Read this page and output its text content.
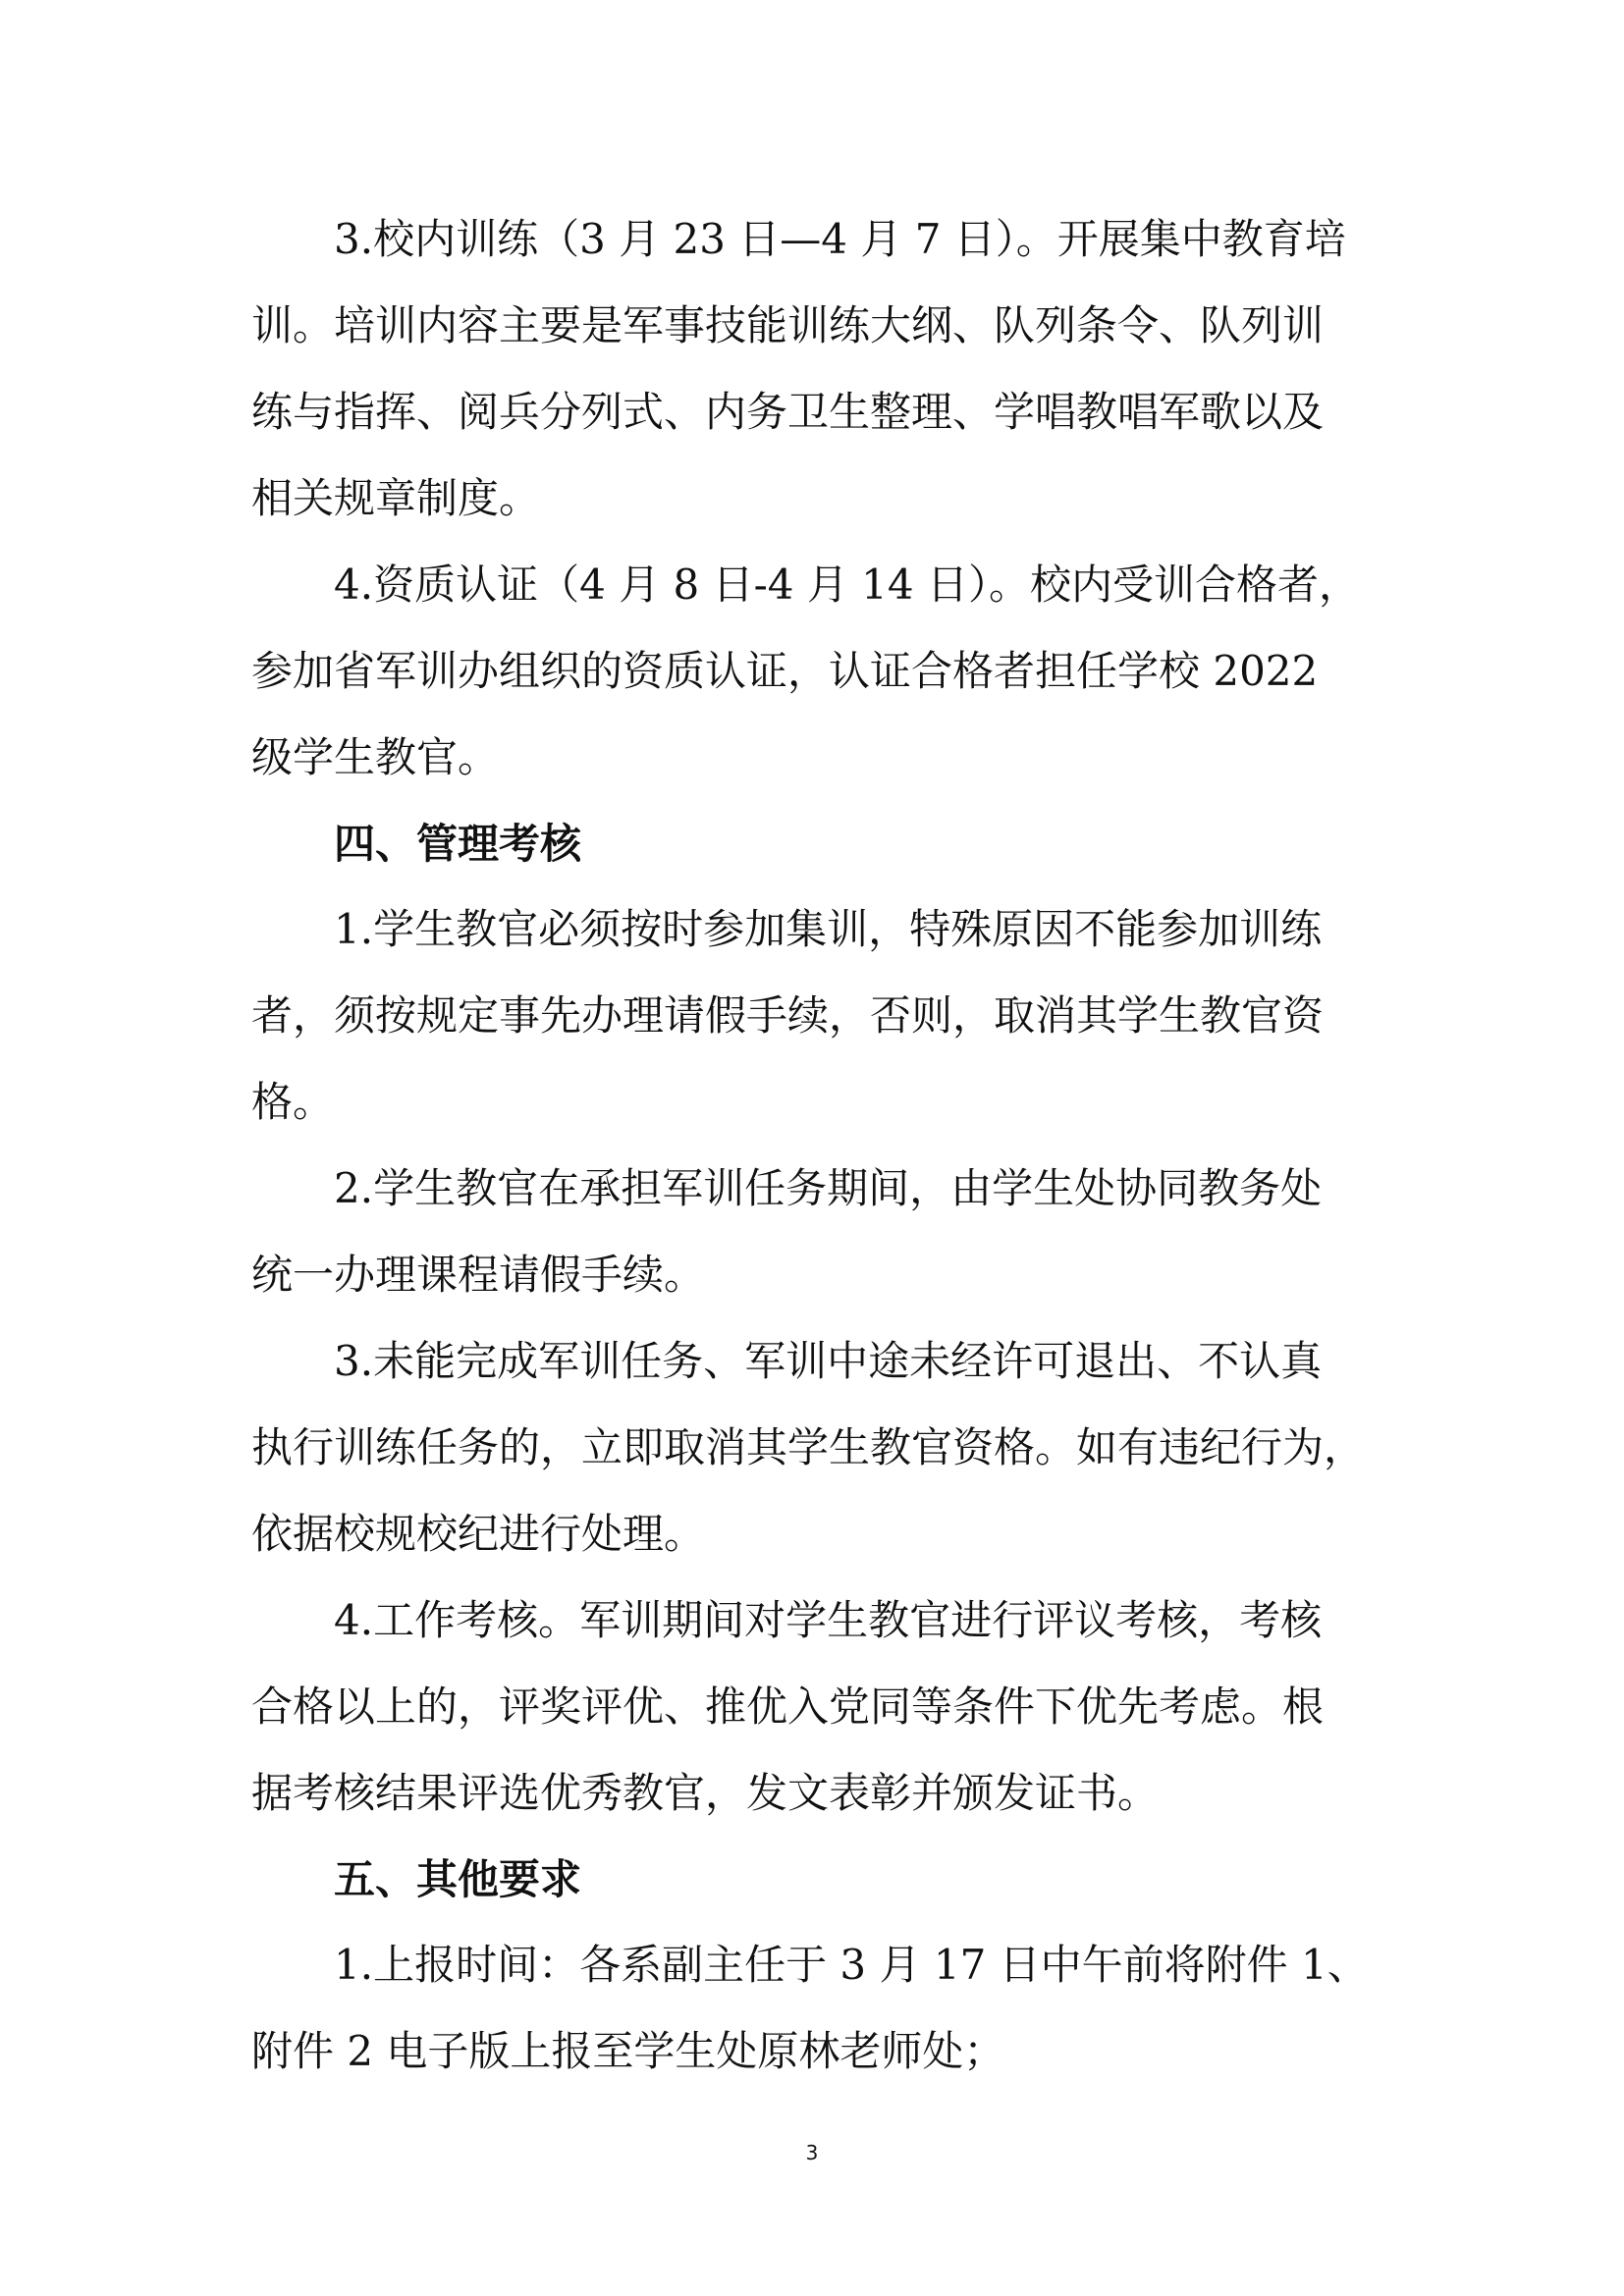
3.校内训练（3 月 23 日—4 月 7 日）。开展集中教育培
训。培训内容主要是军事技能训练大纲、队列条令、队列训
练与指挥、阅兵分列式、内务卫生整理、学唱教唱军歌以及
相关规章制度。
4.资质认证（4 月 8 日-4 月 14 日）。校内受训合格者，
参加省军训办组织的资质认证，认证合格者担任学校 2022
级学生教官。
四、管理考核
1.学生教官必须按时参加集训，特殊原因不能参加训练
者，须按规定事先办理请假手续，否则，取消其学生教官资
格。
2.学生教官在承担军训任务期间，由学生处协同教务处
统一办理课程请假手续。
3.未能完成军训任务、军训中途未经许可退出、不认真
执行训练任务的，立即取消其学生教官资格。如有违纪行为，
依据校规校纪进行处理。
4.工作考核。军训期间对学生教官进行评议考核，考核
合格以上的，评奖评优、推优入党同等条件下优先考虑。根
据考核结果评选优秀教官，发文表彰并颁发证书。
五、其他要求
1.上报时间：各系副主任于 3 月 17 日中午前将附件 1、
附件 2 电子版上报至学生处原林老师处；
3
